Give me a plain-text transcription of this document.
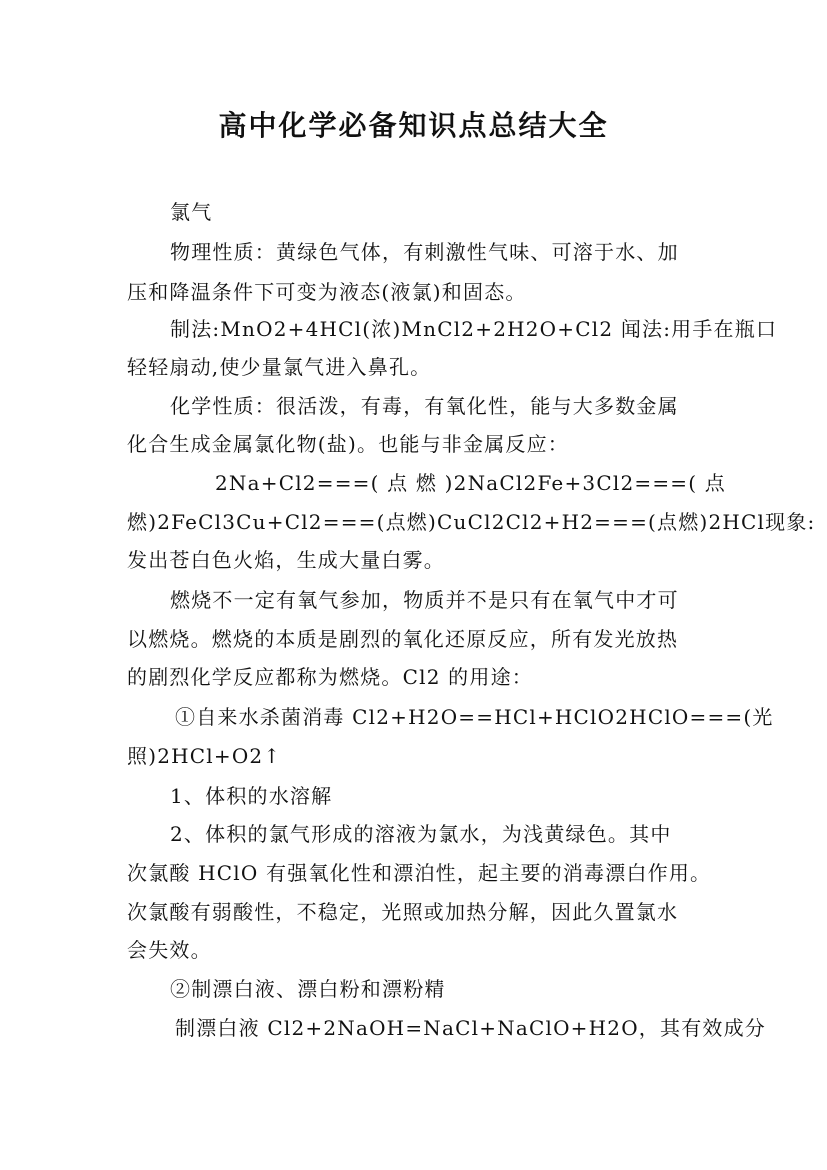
高中化学必备知识点总结大全
氯气
物理性质：黄绿色气体，有刺激性气味、可溶于水、加
压和降温条件下可变为液态(液氯)和固态。
制法:MnO2+4HCl(浓)MnCl2+2H2O+Cl2 闻法:用手在瓶口
轻轻扇动,使少量氯气进入鼻孔。
化学性质：很活泼，有毒，有氧化性，能与大多数金属
化合生成金属氯化物(盐)。也能与非金属反应：
2Na+Cl2===( 点 燃 )2NaCl2Fe+3Cl2===( 点
燃)2FeCl3Cu+Cl2===(点燃)CuCl2Cl2+H2===(点燃)2HCl现象:
发出苍白色火焰，生成大量白雾。
燃烧不一定有氧气参加，物质并不是只有在氧气中才可
以燃烧。燃烧的本质是剧烈的氧化还原反应，所有发光放热
的剧烈化学反应都称为燃烧。Cl2 的用途：
①自来水杀菌消毒 Cl2+H2O==HCl+HClO2HClO===(光
照)2HCl+O2↑
1、体积的水溶解
2、体积的氯气形成的溶液为氯水，为浅黄绿色。其中
次氯酸 HClO 有强氧化性和漂泊性，起主要的消毒漂白作用。
次氯酸有弱酸性，不稳定，光照或加热分解，因此久置氯水
会失效。
②制漂白液、漂白粉和漂粉精
制漂白液 Cl2+2NaOH=NaCl+NaClO+H2O，其有效成分
